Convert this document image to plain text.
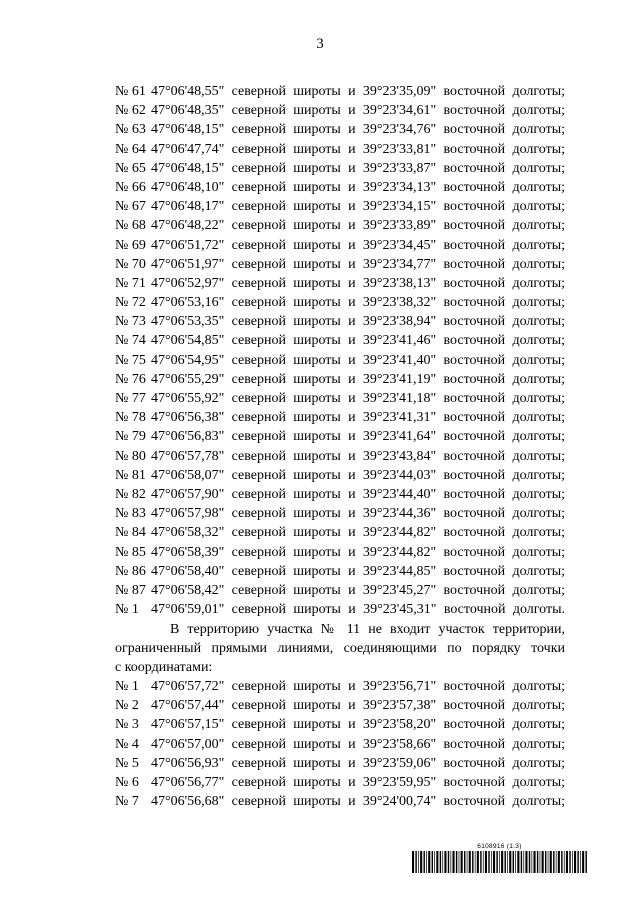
3
№ 61 47°06'48,55" северной широты и 39°23'35,09" восточной долготы;
№ 62 47°06'48,35" северной широты и 39°23'34,61" восточной долготы;
№ 63 47°06'48,15" северной широты и 39°23'34,76" восточной долготы;
№ 64 47°06'47,74" северной широты и 39°23'33,81" восточной долготы;
№ 65 47°06'48,15" северной широты и 39°23'33,87" восточной долготы;
№ 66 47°06'48,10" северной широты и 39°23'34,13" восточной долготы;
№ 67 47°06'48,17" северной широты и 39°23'34,15" восточной долготы;
№ 68 47°06'48,22" северной широты и 39°23'33,89" восточной долготы;
№ 69 47°06'51,72" северной широты и 39°23'34,45" восточной долготы;
№ 70 47°06'51,97" северной широты и 39°23'34,77" восточной долготы;
№ 71 47°06'52,97" северной широты и 39°23'38,13" восточной долготы;
№ 72 47°06'53,16" северной широты и 39°23'38,32" восточной долготы;
№ 73 47°06'53,35" северной широты и 39°23'38,94" восточной долготы;
№ 74 47°06'54,85" северной широты и 39°23'41,46" восточной долготы;
№ 75 47°06'54,95" северной широты и 39°23'41,40" восточной долготы;
№ 76 47°06'55,29" северной широты и 39°23'41,19" восточной долготы;
№ 77 47°06'55,92" северной широты и 39°23'41,18" восточной долготы;
№ 78 47°06'56,38" северной широты и 39°23'41,31" восточной долготы;
№ 79 47°06'56,83" северной широты и 39°23'41,64" восточной долготы;
№ 80 47°06'57,78" северной широты и 39°23'43,84" восточной долготы;
№ 81 47°06'58,07" северной широты и 39°23'44,03" восточной долготы;
№ 82 47°06'57,90" северной широты и 39°23'44,40" восточной долготы;
№ 83 47°06'57,98" северной широты и 39°23'44,36" восточной долготы;
№ 84 47°06'58,32" северной широты и 39°23'44,82" восточной долготы;
№ 85 47°06'58,39" северной широты и 39°23'44,82" восточной долготы;
№ 86 47°06'58,40" северной широты и 39°23'44,85" восточной долготы;
№ 87 47°06'58,42" северной широты и 39°23'45,27" восточной долготы;
№ 1 47°06'59,01" северной широты и 39°23'45,31" восточной долготы.
В территорию участка № 11 не входит участок территории,
ограниченный прямыми линиями, соединяющими по порядку точки
с координатами:
№ 1 47°06'57,72" северной широты и 39°23'56,71" восточной долготы;
№ 2 47°06'57,44" северной широты и 39°23'57,38" восточной долготы;
№ 3 47°06'57,15" северной широты и 39°23'58,20" восточной долготы;
№ 4 47°06'57,00" северной широты и 39°23'58,66" восточной долготы;
№ 5 47°06'56,93" северной широты и 39°23'59,06" восточной долготы;
№ 6 47°06'56,77" северной широты и 39°23'59,95" восточной долготы;
№ 7 47°06'56,68" северной широты и 39°24'00,74" восточной долготы;
6108916 (1.3)
